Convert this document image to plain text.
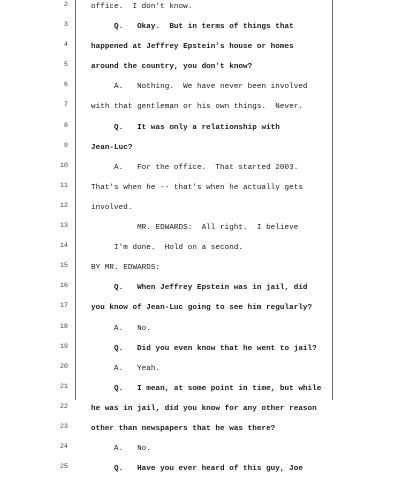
2	office.  I don't know.
3	Q.   Okay.  But in terms of things that
4	happened at Jeffrey Epstein's house or homes
5	around the country, you don't know?
6	A.   Nothing.  We have never been involved
7	with that gentleman or his own things.  Never.
8	Q.   It was only a relationship with
9	Jean-Luc?
10	A.   For the office.  That started 2003.
11	That's when he -- that's when he actually gets
12	involved.
13	MR. EDWARDS:  All right.  I believe
14	I'm done.  Hold on a second.
15	BY MR. EDWARDS:
16	Q.   When Jeffrey Epstein was in jail, did
17	you know of Jean-Luc going to see him regularly?
18	A.   No.
19	Q.   Did you even know that he went to jail?
20	A.   Yeah.
21	Q.   I mean, at some point in time, but while
22	he was in jail, did you know for any other reason
23	other than newspapers that he was there?
24	A.   No.
25	Q.   Have you ever heard of this guy, Joe
